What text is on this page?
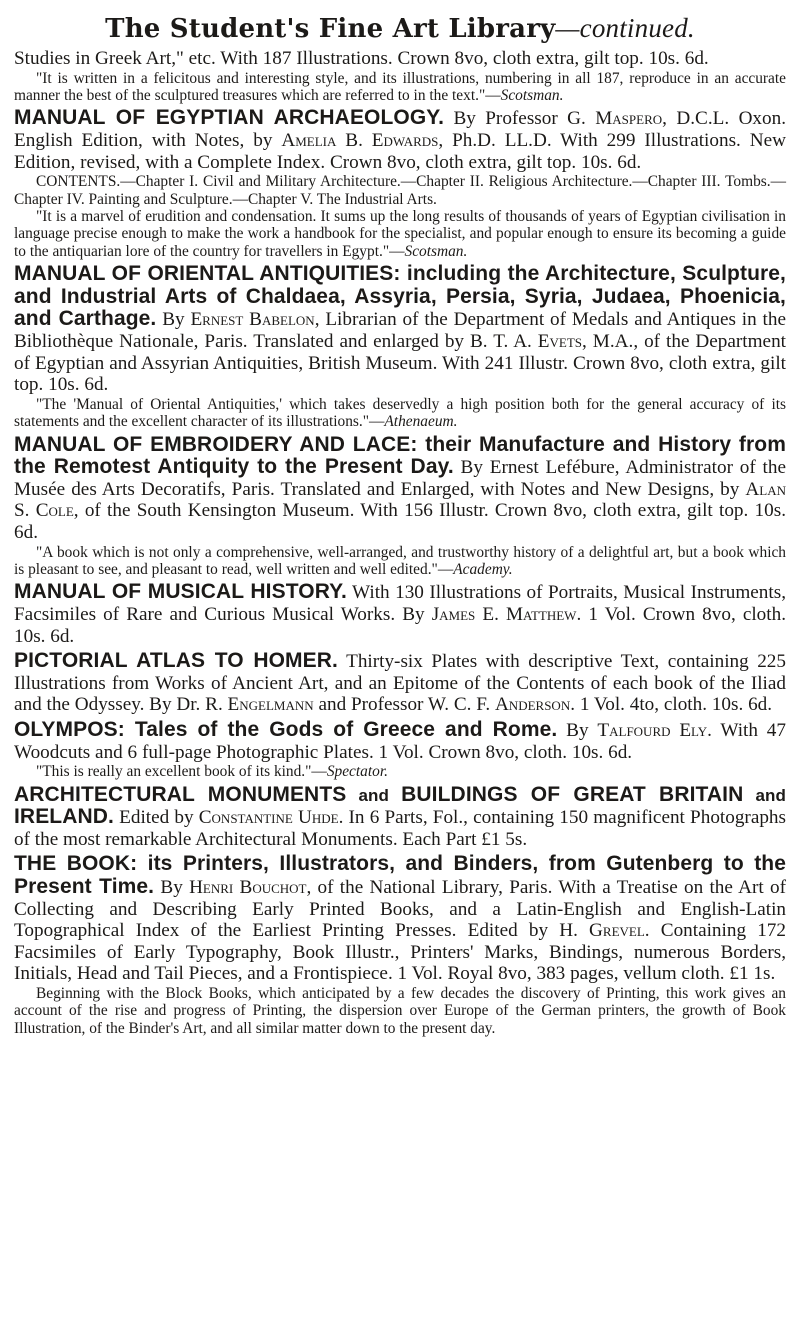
The Student's Fine Art Library—continued.

Studies in Greek Art," etc. With 187 Illustrations. Crown 8vo, cloth extra, gilt top. 10s. 6d.

"It is written in a felicitous and interesting style, and its illustrations, numbering in all 187, reproduce in an accurate manner the best of the sculptured treasures which are referred to in the text."—Scotsman.

MANUAL OF EGYPTIAN ARCHAEOLOGY. By Professor G. Maspero, D.C.L. Oxon. English Edition, with Notes, by Amelia B. Edwards, Ph.D. LL.D. With 299 Illustrations. New Edition, revised, with a Complete Index. Crown 8vo, cloth extra, gilt top. 10s. 6d.

CONTENTS.—Chapter I. Civil and Military Architecture.—Chapter II. Religious Architecture.—Chapter III. Tombs.—Chapter IV. Painting and Sculpture.—Chapter V. The Industrial Arts.

"It is a marvel of erudition and condensation. It sums up the long results of thousands of years of Egyptian civilisation in language precise enough to make the work a handbook for the specialist, and popular enough to ensure its becoming a guide to the antiquarian lore of the country for travellers in Egypt."—Scotsman.

MANUAL OF ORIENTAL ANTIQUITIES: including the Architecture, Sculpture, and Industrial Arts of Chaldaea, Assyria, Persia, Syria, Judaea, Phoenicia, and Carthage. By Ernest Babelon, Librarian of the Department of Medals and Antiques in the Bibliothèque Nationale, Paris. Translated and enlarged by B. T. A. Evets, M.A., of the Department of Egyptian and Assyrian Antiquities, British Museum. With 241 Illustr. Crown 8vo, cloth extra, gilt top. 10s. 6d.

"The 'Manual of Oriental Antiquities,' which takes deservedly a high position both for the general accuracy of its statements and the excellent character of its illustrations."—Athenaeum.

MANUAL OF EMBROIDERY AND LACE: their Manufacture and History from the Remotest Antiquity to the Present Day. By Ernest Lefébure, Administrator of the Musée des Arts Decoratifs, Paris. Translated and Enlarged, with Notes and New Designs, by Alan S. Cole, of the South Kensington Museum. With 156 Illustr. Crown 8vo, cloth extra, gilt top. 10s. 6d.

"A book which is not only a comprehensive, well-arranged, and trustworthy history of a delightful art, but a book which is pleasant to see, and pleasant to read, well written and well edited."—Academy.

MANUAL OF MUSICAL HISTORY. With 130 Illustrations of Portraits, Musical Instruments, Facsimiles of Rare and Curious Musical Works. By James E. Matthew. 1 Vol. Crown 8vo, cloth. 10s. 6d.

PICTORIAL ATLAS TO HOMER. Thirty-six Plates with descriptive Text, containing 225 Illustrations from Works of Ancient Art, and an Epitome of the Contents of each book of the Iliad and the Odyssey. By Dr. R. Engelmann and Professor W. C. F. Anderson. 1 Vol. 4to, cloth. 10s. 6d.

OLYMPOS: Tales of the Gods of Greece and Rome. By Talfourd Ely. With 47 Woodcuts and 6 full-page Photographic Plates. 1 Vol. Crown 8vo, cloth. 10s. 6d.

"This is really an excellent book of its kind."—Spectator.

ARCHITECTURAL MONUMENTS and BUILDINGS OF GREAT BRITAIN and IRELAND. Edited by Constantine Uhde. In 6 Parts, Fol., containing 150 magnificent Photographs of the most remarkable Architectural Monuments. Each Part £1 5s.

THE BOOK: its Printers, Illustrators, and Binders, from Gutenberg to the Present Time. By Henri Bouchot, of the National Library, Paris. With a Treatise on the Art of Collecting and Describing Early Printed Books, and a Latin-English and English-Latin Topographical Index of the Earliest Printing Presses. Edited by H. Grevel. Containing 172 Facsimiles of Early Typography, Book Illustr., Printers' Marks, Bindings, numerous Borders, Initials, Head and Tail Pieces, and a Frontispiece. 1 Vol. Royal 8vo, 383 pages, vellum cloth. £1 1s.

Beginning with the Block Books, which anticipated by a few decades the discovery of Printing, this work gives an account of the rise and progress of Printing, the dispersion over Europe of the German printers, the growth of Book Illustration, of the Binder's Art, and all similar matter down to the present day.
